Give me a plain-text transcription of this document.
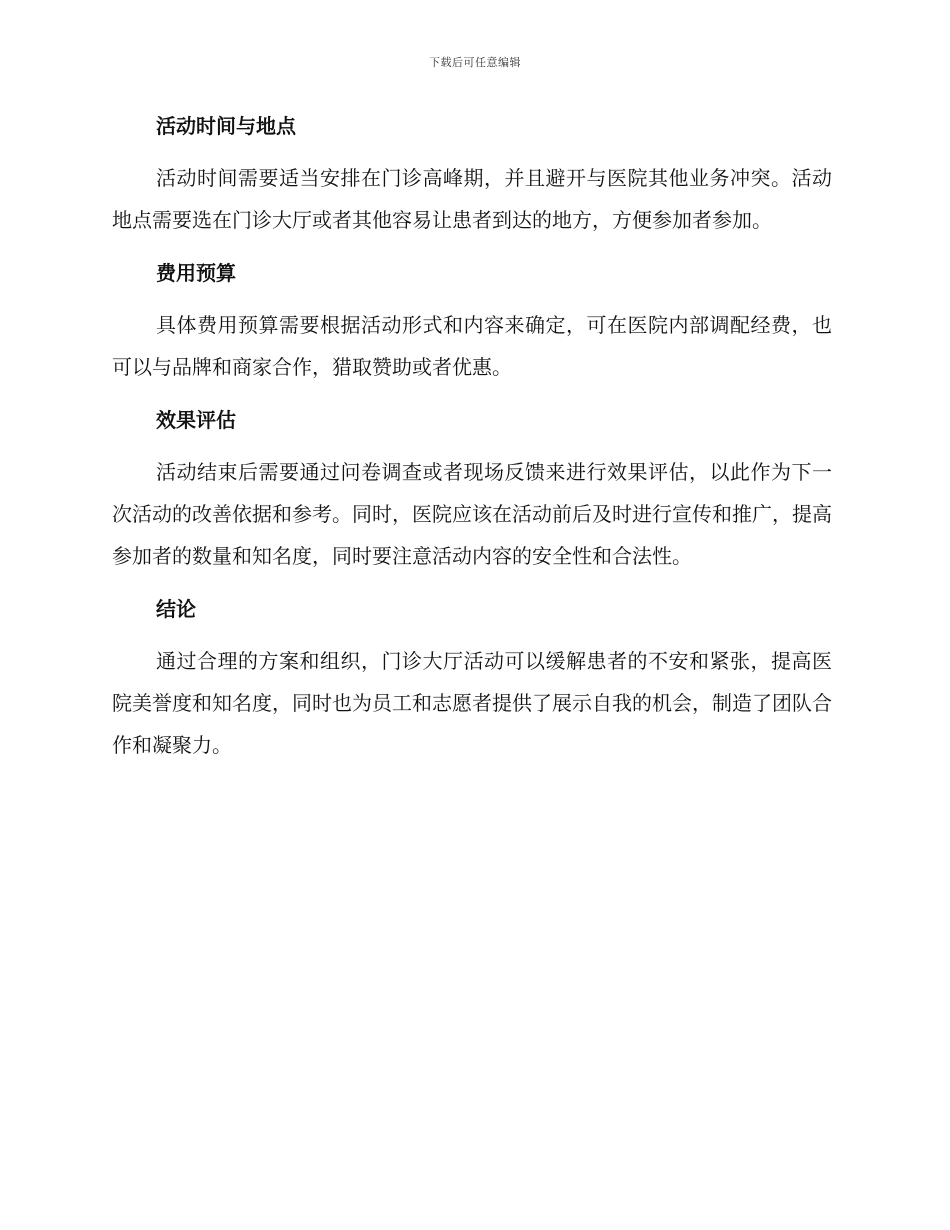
下载后可任意编辑
活动时间与地点

活动时间需要适当安排在门诊高峰期，并且避开与医院其他业务冲突。活动地点需要选在门诊大厅或者其他容易让患者到达的地方，方便参加者参加。

费用预算

具体费用预算需要根据活动形式和内容来确定，可在医院内部调配经费，也可以与品牌和商家合作，猎取赞助或者优惠。

效果评估

活动结束后需要通过问卷调查或者现场反馈来进行效果评估，以此作为下一次活动的改善依据和参考。同时，医院应该在活动前后及时进行宣传和推广，提高参加者的数量和知名度，同时要注意活动内容的安全性和合法性。

结论

通过合理的方案和组织，门诊大厅活动可以缓解患者的不安和紧张，提高医院美誉度和知名度，同时也为员工和志愿者提供了展示自我的机会，制造了团队合作和凝聚力。
